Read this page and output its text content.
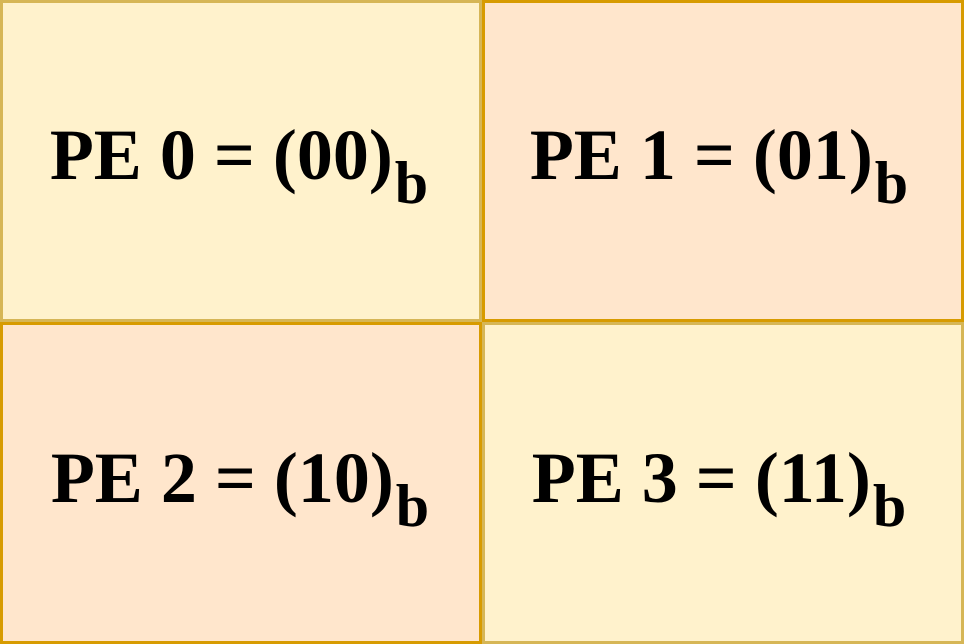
PE 0 = (00) b PE 1 = (01) b
PE 2 = (10) b PE 3 = (11) b
